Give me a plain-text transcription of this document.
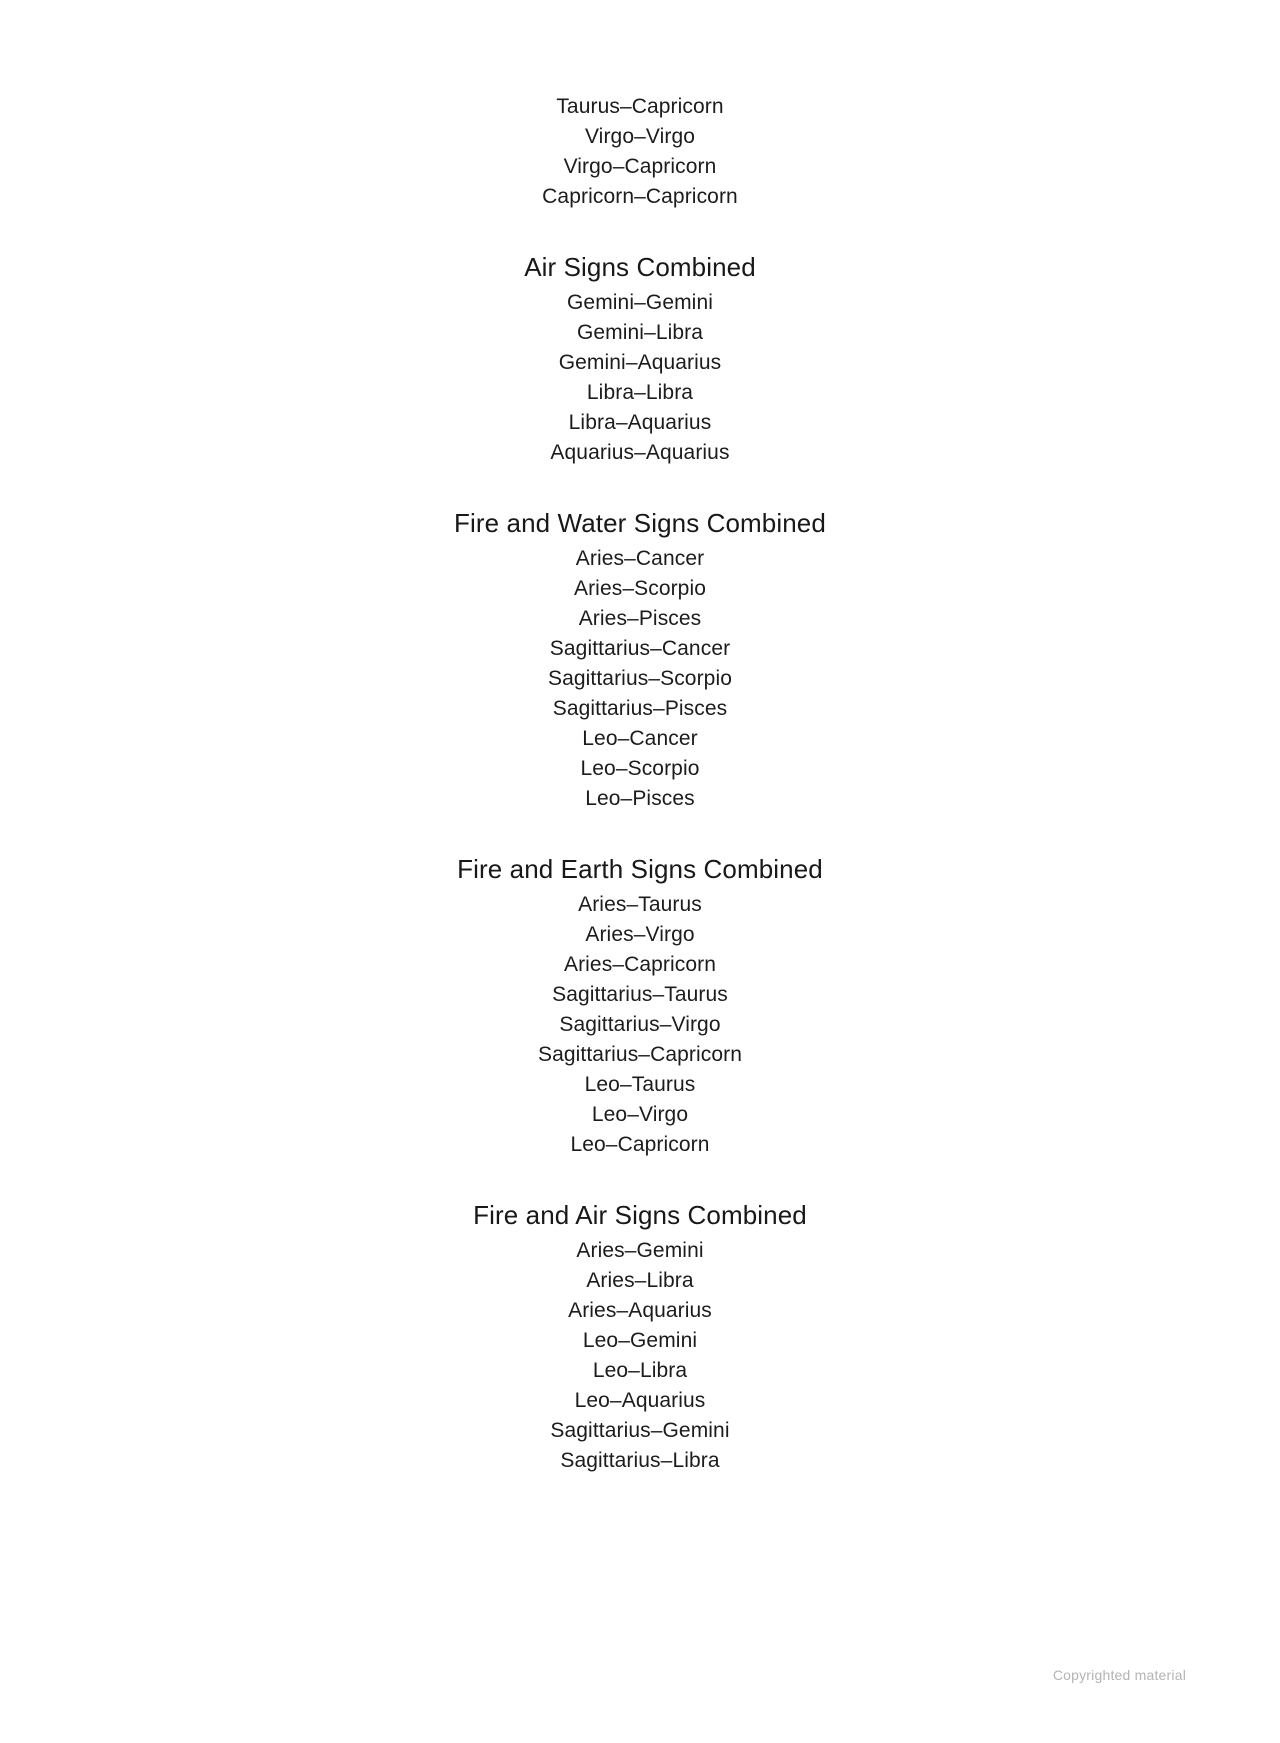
Taurus–Capricorn
Virgo–Virgo
Virgo–Capricorn
Capricorn–Capricorn
Air Signs Combined
Gemini–Gemini
Gemini–Libra
Gemini–Aquarius
Libra–Libra
Libra–Aquarius
Aquarius–Aquarius
Fire and Water Signs Combined
Aries–Cancer
Aries–Scorpio
Aries–Pisces
Sagittarius–Cancer
Sagittarius–Scorpio
Sagittarius–Pisces
Leo–Cancer
Leo–Scorpio
Leo–Pisces
Fire and Earth Signs Combined
Aries–Taurus
Aries–Virgo
Aries–Capricorn
Sagittarius–Taurus
Sagittarius–Virgo
Sagittarius–Capricorn
Leo–Taurus
Leo–Virgo
Leo–Capricorn
Fire and Air Signs Combined
Aries–Gemini
Aries–Libra
Aries–Aquarius
Leo–Gemini
Leo–Libra
Leo–Aquarius
Sagittarius–Gemini
Sagittarius–Libra
Copyrighted material
